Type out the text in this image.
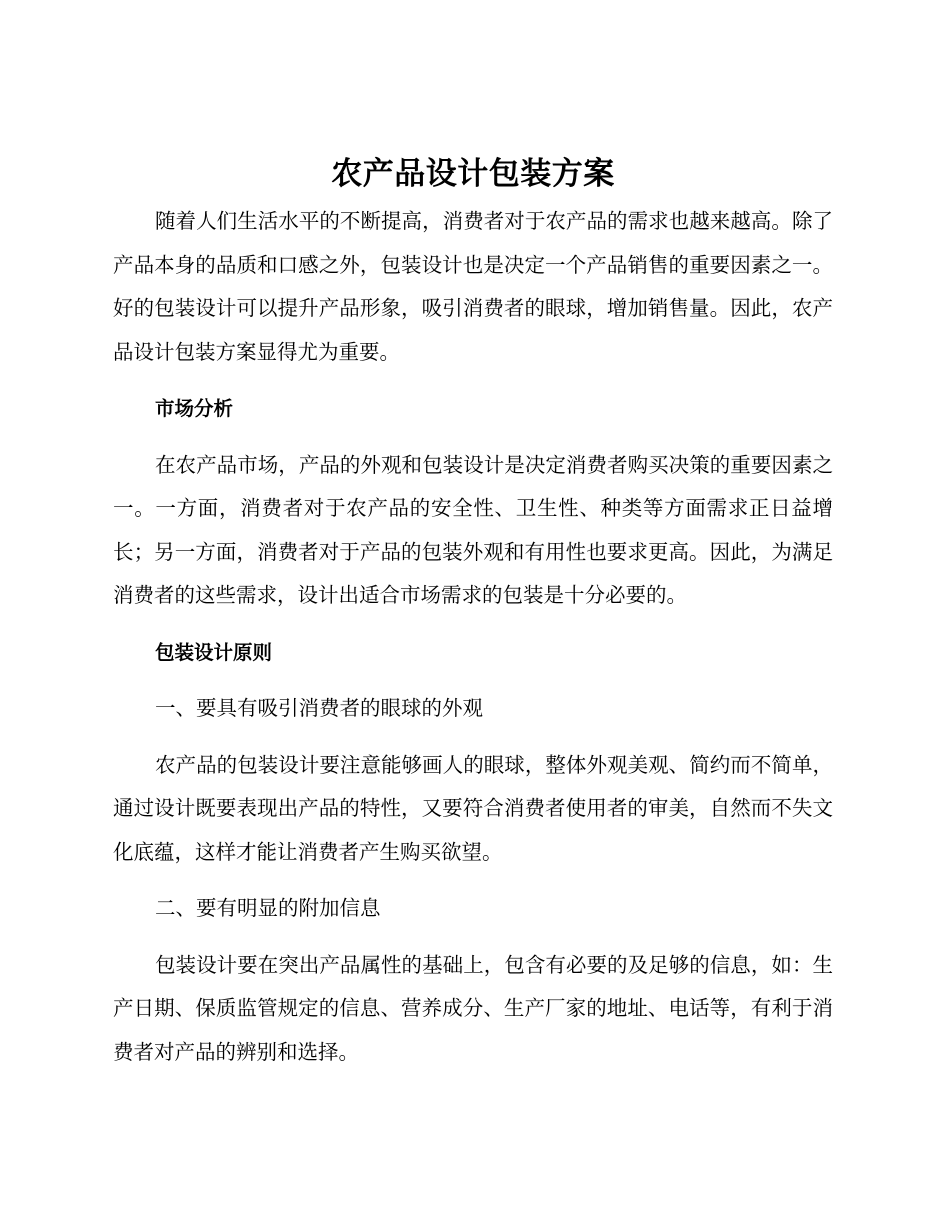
农产品设计包装方案

随着人们生活水平的不断提高，消费者对于农产品的需求也越来越高。除了产品本身的品质和口感之外，包装设计也是决定一个产品销售的重要因素之一。好的包装设计可以提升产品形象，吸引消费者的眼球，增加销售量。因此，农产品设计包装方案显得尤为重要。

市场分析

在农产品市场，产品的外观和包装设计是决定消费者购买决策的重要因素之一。一方面，消费者对于农产品的安全性、卫生性、种类等方面需求正日益增长；另一方面，消费者对于产品的包装外观和有用性也要求更高。因此，为满足消费者的这些需求，设计出适合市场需求的包装是十分必要的。

包装设计原则

一、要具有吸引消费者的眼球的外观

农产品的包装设计要注意能够画人的眼球，整体外观美观、简约而不简单，通过设计既要表现出产品的特性，又要符合消费者使用者的审美，自然而不失文化底蕴，这样才能让消费者产生购买欲望。

二、要有明显的附加信息

包装设计要在突出产品属性的基础上，包含有必要的及足够的信息，如：生产日期、保质监管规定的信息、营养成分、生产厂家的地址、电话等，有利于消费者对产品的辨别和选择。
